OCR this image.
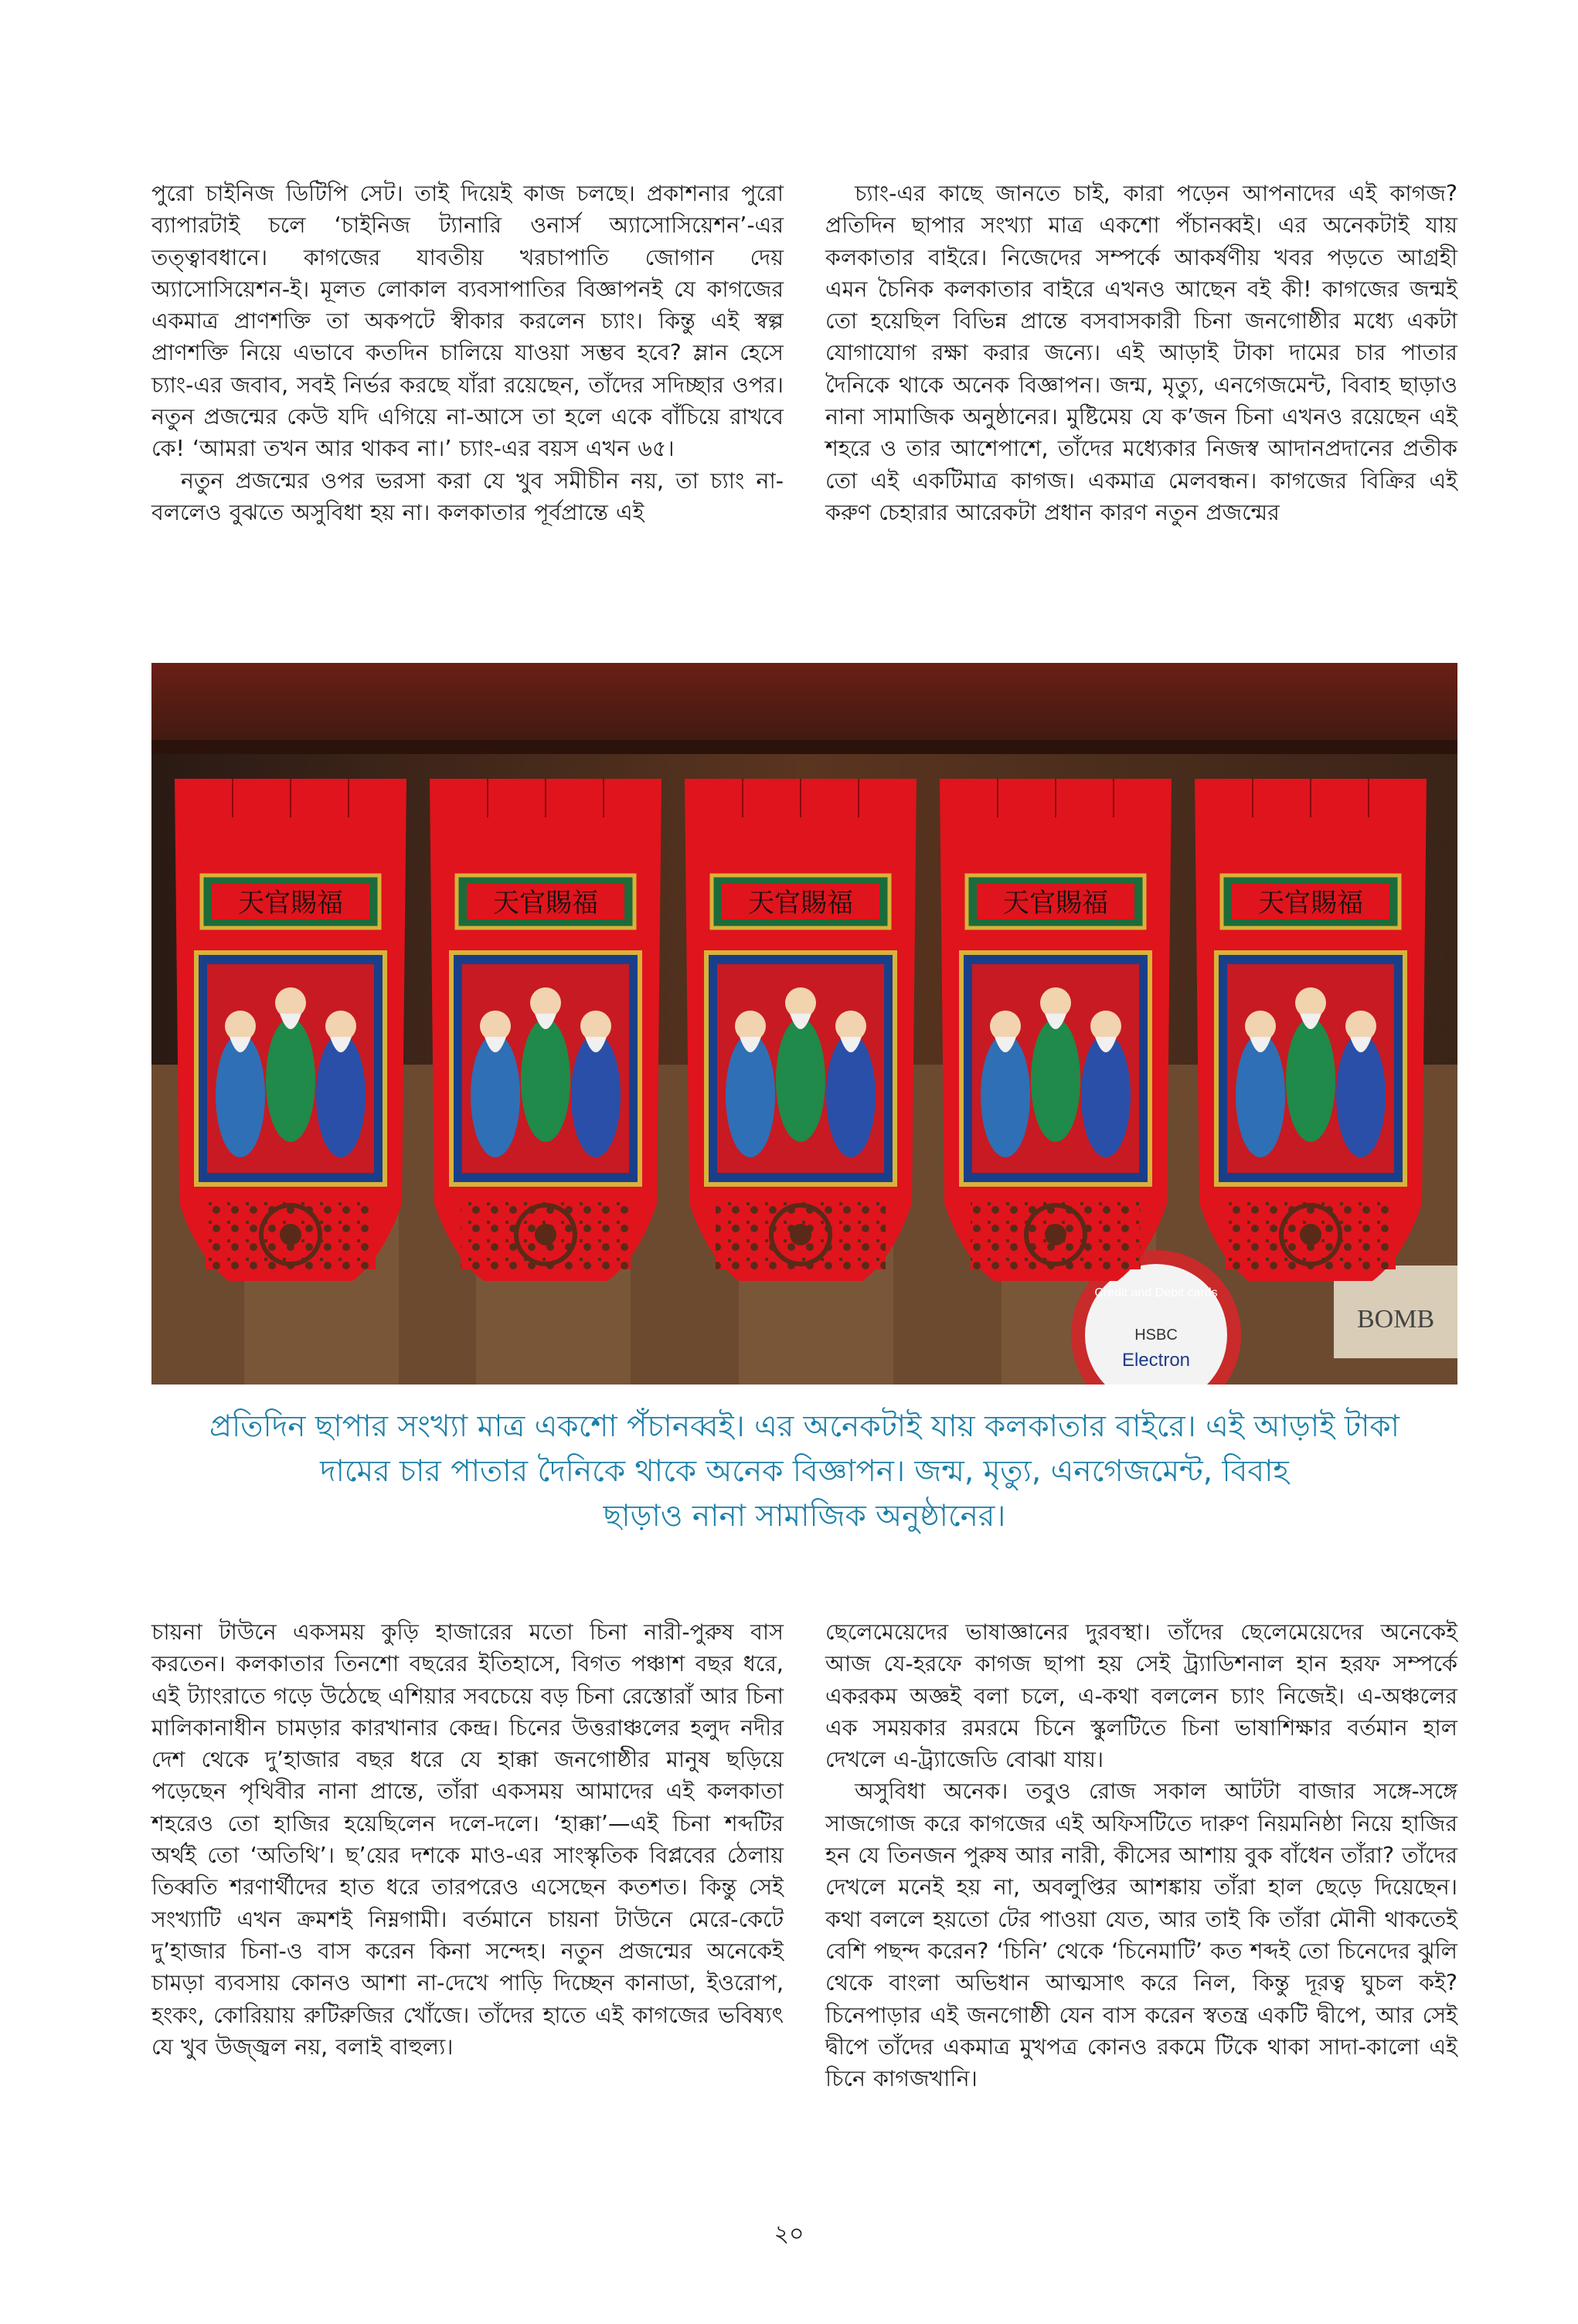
পুরো চাইনিজ ডিটিপি সেট। তাই দিয়েই কাজ চলছে। প্রকাশনার পুরো ব্যাপারটাই চলে ‘চাইনিজ ট্যানারি ওনার্স অ্যাসোসিয়েশন’-এর তত্ত্বাবধানে। কাগজের যাবতীয় খরচাপাতি জোগান দেয় অ্যাসোসিয়েশন-ই। মূলত লোকাল ব্যবসাপাতির বিজ্ঞাপনই যে কাগজের একমাত্র প্রাণশক্তি তা অকপটে স্বীকার করলেন চ্যাং। কিন্তু এই স্বল্প প্রাণশক্তি নিয়ে এভাবে কতদিন চালিয়ে যাওয়া সম্ভব হবে? ম্লান হেসে চ্যাং-এর জবাব, সবই নির্ভর করছে যাঁরা রয়েছেন, তাঁদের সদিচ্ছার ওপর। নতুন প্রজন্মের কেউ যদি এগিয়ে না-আসে তা হলে একে বাঁচিয়ে রাখবে কে! ‘আমরা তখন আর থাকব না।’ চ্যাং-এর বয়স এখন ৬৫।

নতুন প্রজন্মের ওপর ভরসা করা যে খুব সমীচীন নয়, তা চ্যাং না-বললেও বুঝতে অসুবিধা হয় না। কলকাতার পূর্বপ্রান্তে এই

চ্যাং-এর কাছে জানতে চাই, কারা পড়েন আপনাদের এই কাগজ? প্রতিদিন ছাপার সংখ্যা মাত্র একশো পঁচানব্বই। এর অনেকটাই যায় কলকাতার বাইরে। নিজেদের সম্পর্কে আকর্ষণীয় খবর পড়তে আগ্রহী এমন চৈনিক কলকাতার বাইরে এখনও আছেন বই কী! কাগজের জন্মই তো হয়েছিল বিভিন্ন প্রান্তে বসবাসকারী চিনা জনগোষ্ঠীর মধ্যে একটা যোগাযোগ রক্ষা করার জন্যে। এই আড়াই টাকা দামের চার পাতার দৈনিকে থাকে অনেক বিজ্ঞাপন। জন্ম, মৃত্যু, এনগেজমেন্ট, বিবাহ ছাড়াও নানা সামাজিক অনুষ্ঠানের। মুষ্টিমেয় যে ক’জন চিনা এখনও রয়েছেন এই শহরে ও তার আশেপাশে, তাঁদের মধ্যেকার নিজস্ব আদানপ্রদানের প্রতীক তো এই একটিমাত্র কাগজ। একমাত্র মেলবন্ধন। কাগজের বিক্রির এই করুণ চেহারার আরেকটা প্রধান কারণ নতুন প্রজন্মের

Credit and Debit cards
HSBC
Electron
BOMB
天官賜福	天官賜福	天官賜福	天官賜福	天官賜福
প্রতিদিন ছাপার সংখ্যা মাত্র একশো পঁচানব্বই। এর অনেকটাই যায় কলকাতার বাইরে। এই আড়াই টাকা
দামের চার পাতার দৈনিকে থাকে অনেক বিজ্ঞাপন। জন্ম, মৃত্যু, এনগেজমেন্ট, বিবাহ
ছাড়াও নানা সামাজিক অনুষ্ঠানের।

চায়না টাউনে একসময় কুড়ি হাজারের মতো চিনা নারী-পুরুষ বাস করতেন। কলকাতার তিনশো বছরের ইতিহাসে, বিগত পঞ্চাশ বছর ধরে, এই ট্যাংরাতে গড়ে উঠেছে এশিয়ার সবচেয়ে বড় চিনা রেস্তোরাঁ আর চিনা মালিকানাধীন চামড়ার কারখানার কেন্দ্র। চিনের উত্তরাঞ্চলের হলুদ নদীর দেশ থেকে দু’হাজার বছর ধরে যে হাক্কা জনগোষ্ঠীর মানুষ ছড়িয়ে পড়েছেন পৃথিবীর নানা প্রান্তে, তাঁরা একসময় আমাদের এই কলকাতা শহরেও তো হাজির হয়েছিলেন দলে-দলে। ‘হাক্কা’—এই চিনা শব্দটির অর্থই তো ‘অতিথি’। ছ’য়ের দশকে মাও-এর সাংস্কৃতিক বিপ্লবের ঠেলায় তিব্বতি শরণার্থীদের হাত ধরে তারপরেও এসেছেন কতশত। কিন্তু সেই সংখ্যাটি এখন ক্রমশই নিম্নগামী। বর্তমানে চায়না টাউনে মেরে-কেটে দু’হাজার চিনা-ও বাস করেন কিনা সন্দেহ। নতুন প্রজন্মের অনেকেই চামড়া ব্যবসায় কোনও আশা না-দেখে পাড়ি দিচ্ছেন কানাডা, ইওরোপ, হংকং, কোরিয়ায় রুটিরুজির খোঁজে। তাঁদের হাতে এই কাগজের ভবিষ্যৎ যে খুব উজ্জ্বল নয়, বলাই বাহুল্য।

ছেলেমেয়েদের ভাষাজ্ঞানের দুরবস্থা। তাঁদের ছেলেমেয়েদের অনেকেই আজ যে-হরফে কাগজ ছাপা হয় সেই ট্র্যাডিশনাল হান হরফ সম্পর্কে একরকম অজ্ঞই বলা চলে, এ-কথা বললেন চ্যাং নিজেই। এ-অঞ্চলের এক সময়কার রমরমে চিনে স্কুলটিতে চিনা ভাষাশিক্ষার বর্তমান হাল দেখলে এ-ট্র্যাজেডি বোঝা যায়।

অসুবিধা অনেক। তবুও রোজ সকাল আটটা বাজার সঙ্গে-সঙ্গে সাজগোজ করে কাগজের এই অফিসটিতে দারুণ নিয়মনিষ্ঠা নিয়ে হাজির হন যে তিনজন পুরুষ আর নারী, কীসের আশায় বুক বাঁধেন তাঁরা? তাঁদের দেখলে মনেই হয় না, অবলুপ্তির আশঙ্কায় তাঁরা হাল ছেড়ে দিয়েছেন। কথা বললে হয়তো টের পাওয়া যেত, আর তাই কি তাঁরা মৌনী থাকতেই বেশি পছন্দ করেন? ‘চিনি’ থেকে ‘চিনেমাটি’ কত শব্দই তো চিনেদের ঝুলি থেকে বাংলা অভিধান আত্মসাৎ করে নিল, কিন্তু দূরত্ব ঘুচল কই? চিনেপাড়ার এই জনগোষ্ঠী যেন বাস করেন স্বতন্ত্র একটি দ্বীপে, আর সেই দ্বীপে তাঁদের একমাত্র মুখপত্র কোনও রকমে টিকে থাকা সাদা-কালো এই চিনে কাগজখানি।

২০
